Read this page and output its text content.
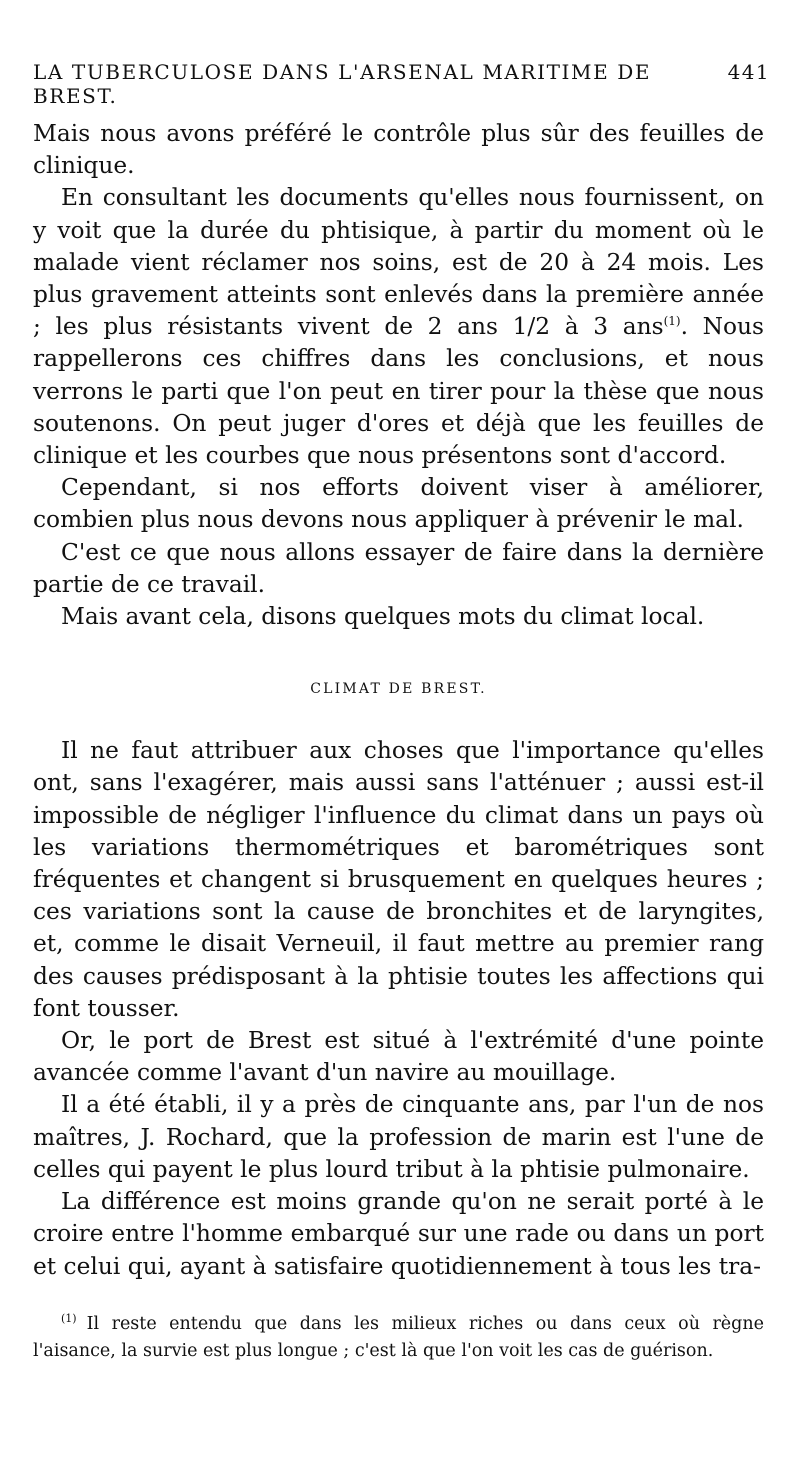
LA TUBERCULOSE DANS L'ARSENAL MARITIME DE BREST.
441

Mais nous avons préféré le contrôle plus sûr des feuilles de clinique.

En consultant les documents qu'elles nous fournissent, on y voit que la durée du phtisique, à partir du moment où le malade vient réclamer nos soins, est de 20 à 24 mois. Les plus gravement atteints sont enlevés dans la première année ; les plus résistants vivent de 2 ans 1/2 à 3 ans$^{(1)}$. Nous rappellerons ces chiffres dans les conclusions, et nous verrons le parti que l'on peut en tirer pour la thèse que nous soutenons. On peut juger d'ores et déjà que les feuilles de clinique et les courbes que nous présentons sont d'accord.

Cependant, si nos efforts doivent viser à améliorer, combien plus nous devons nous appliquer à prévenir le mal.

C'est ce que nous allons essayer de faire dans la dernière partie de ce travail.

Mais avant cela, disons quelques mots du climat local.

CLIMAT DE BREST.

Il ne faut attribuer aux choses que l'importance qu'elles ont, sans l'exagérer, mais aussi sans l'atténuer ; aussi est-il impossible de négliger l'influence du climat dans un pays où les variations thermométriques et barométriques sont fréquentes et changent si brusquement en quelques heures ; ces variations sont la cause de bronchites et de laryngites, et, comme le disait Verneuil, il faut mettre au premier rang des causes prédisposant à la phtisie toutes les affections qui font tousser.

Or, le port de Brest est situé à l'extrémité d'une pointe avancée comme l'avant d'un navire au mouillage.

Il a été établi, il y a près de cinquante ans, par l'un de nos maîtres, J. Rochard, que la profession de marin est l'une de celles qui payent le plus lourd tribut à la phtisie pulmonaire.

La différence est moins grande qu'on ne serait porté à le croire entre l'homme embarqué sur une rade ou dans un port et celui qui, ayant à satisfaire quotidiennement à tous les tra-

$^{(1)}$ Il reste entendu que dans les milieux riches ou dans ceux où règne l'aisance, la survie est plus longue ; c'est là que l'on voit les cas de guérison.
